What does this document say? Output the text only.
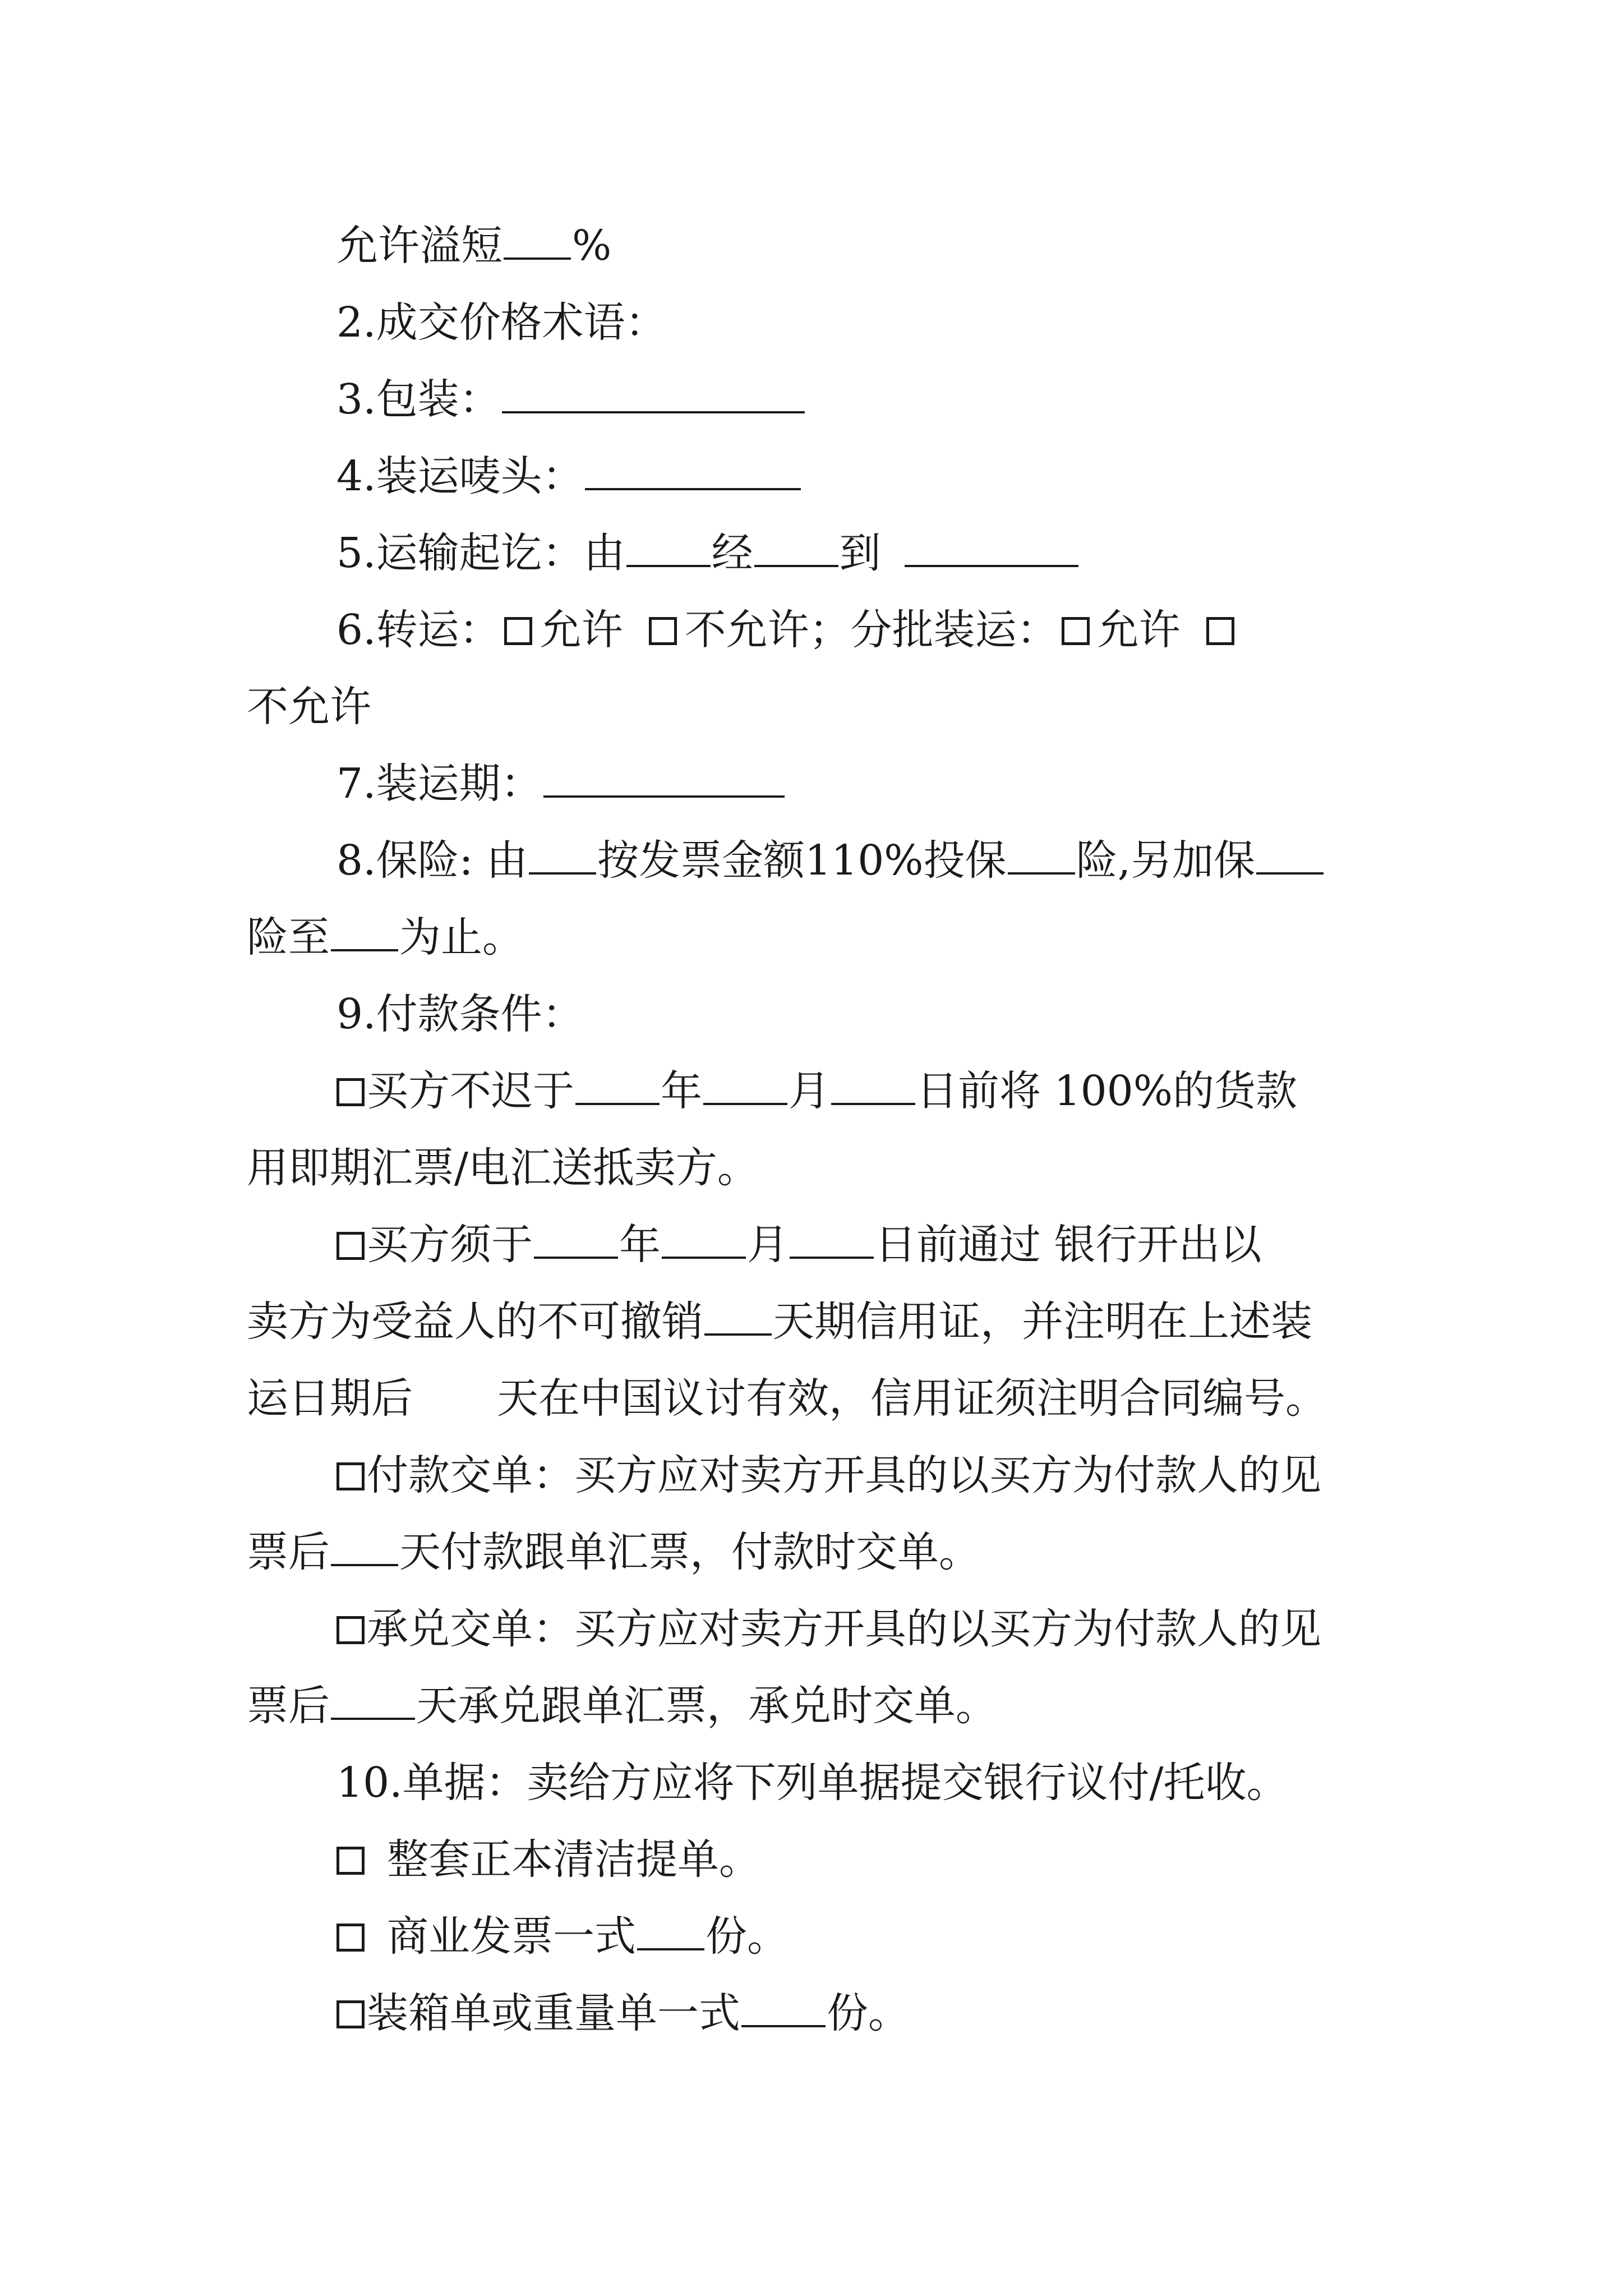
允许溢短 %

2.成交价格术语：

3.包装：

4.装运唛头：

5.运输起讫：由 经 到

6.转运： 允许 不允许；分批装运： 允许

不允许

7.装运期：

8.保险: 由 按发票金额110%投保 险,另加保

险至 为止。

9.付款条件：

买方不迟于 年 月 日前将 100%的货款

用即期汇票/电汇送抵卖方。

买方须于 年 月 日前通过 银行开出以

卖方为受益人的不可撤销 天期信用证，并注明在上述装

运日期后 天在中国议讨有效，信用证须注明合同编号。

付款交单：买方应对卖方开具的以买方为付款人的见

票后 天付款跟单汇票，付款时交单。

承兑交单：买方应对卖方开具的以买方为付款人的见

票后 天承兑跟单汇票，承兑时交单。

10.单据：卖给方应将下列单据提交银行议付/托收。

整套正本清洁提单。

商业发票一式 份。

装箱单或重量单一式 份。
